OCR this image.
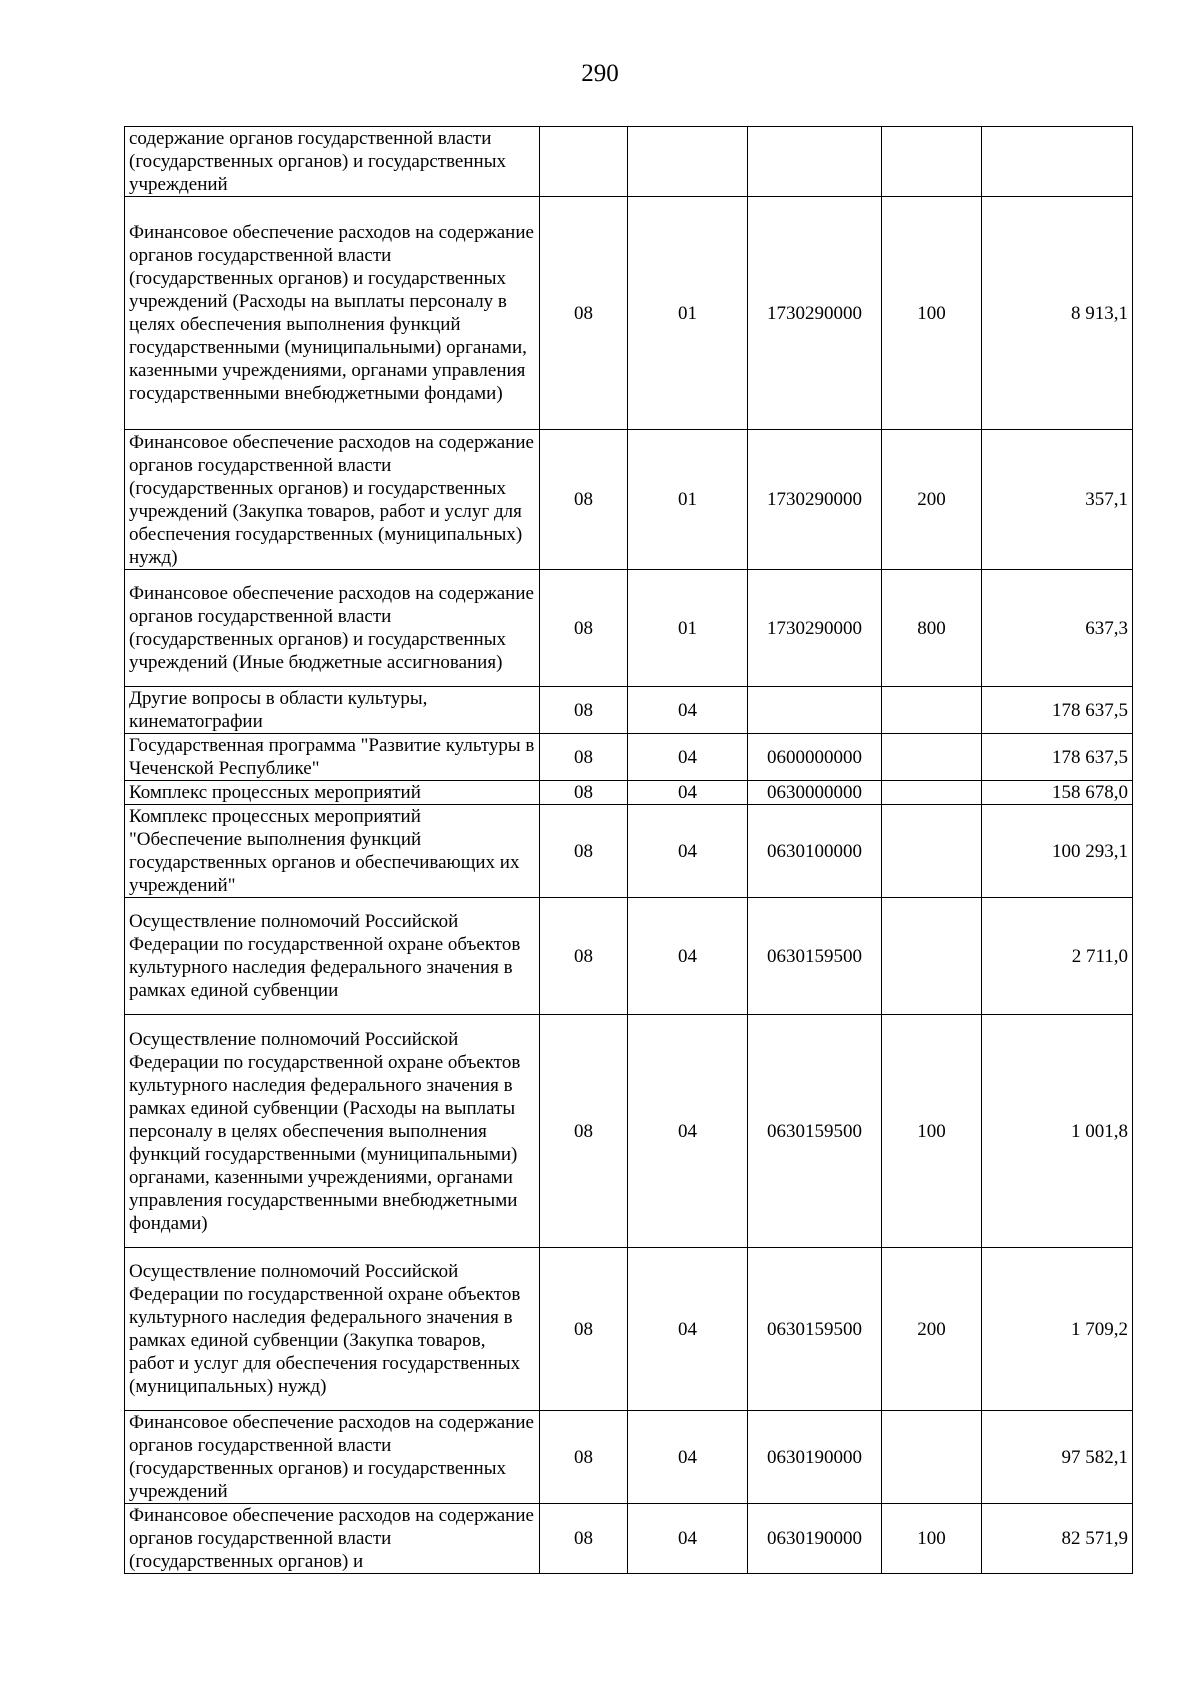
290
содержание органов государственной власти (государственных органов) и государственных учреждений					
Финансовое обеспечение расходов на содержание органов государственной власти (государственных органов) и государственных учреждений (Расходы на выплаты персоналу в целях обеспечения выполнения функций государственными (муниципальными) органами, казенными учреждениями, органами управления государственными внебюджетными фондами)	08	01	1730290000	100	8 913,1
Финансовое обеспечение расходов на содержание органов государственной власти (государственных органов) и государственных учреждений (Закупка товаров, работ и услуг для обеспечения государственных (муниципальных) нужд)	08	01	1730290000	200	357,1
Финансовое обеспечение расходов на содержание органов государственной власти (государственных органов) и государственных учреждений (Иные бюджетные ассигнования)	08	01	1730290000	800	637,3
Другие вопросы в области культуры, кинематографии	08	04			178 637,5
Государственная программа "Развитие культуры в Чеченской Республике"	08	04	0600000000		178 637,5
Комплекс процессных мероприятий	08	04	0630000000		158 678,0
Комплекс процессных мероприятий "Обеспечение выполнения функций государственных органов и обеспечивающих их учреждений"	08	04	0630100000		100 293,1
Осуществление полномочий Российской Федерации по государственной охране объектов культурного наследия федерального значения в рамках единой субвенции	08	04	0630159500		2 711,0
Осуществление полномочий Российской Федерации по государственной охране объектов культурного наследия федерального значения в рамках единой субвенции (Расходы на выплаты персоналу в целях обеспечения выполнения функций государственными (муниципальными) органами, казенными учреждениями, органами управления государственными внебюджетными фондами)	08	04	0630159500	100	1 001,8
Осуществление полномочий Российской Федерации по государственной охране объектов культурного наследия федерального значения в рамках единой субвенции (Закупка товаров, работ и услуг для обеспечения государственных (муниципальных) нужд)	08	04	0630159500	200	1 709,2
Финансовое обеспечение расходов на содержание органов государственной власти (государственных органов) и государственных учреждений	08	04	0630190000		97 582,1
Финансовое обеспечение расходов на содержание органов государственной власти (государственных органов) и	08	04	0630190000	100	82 571,9
